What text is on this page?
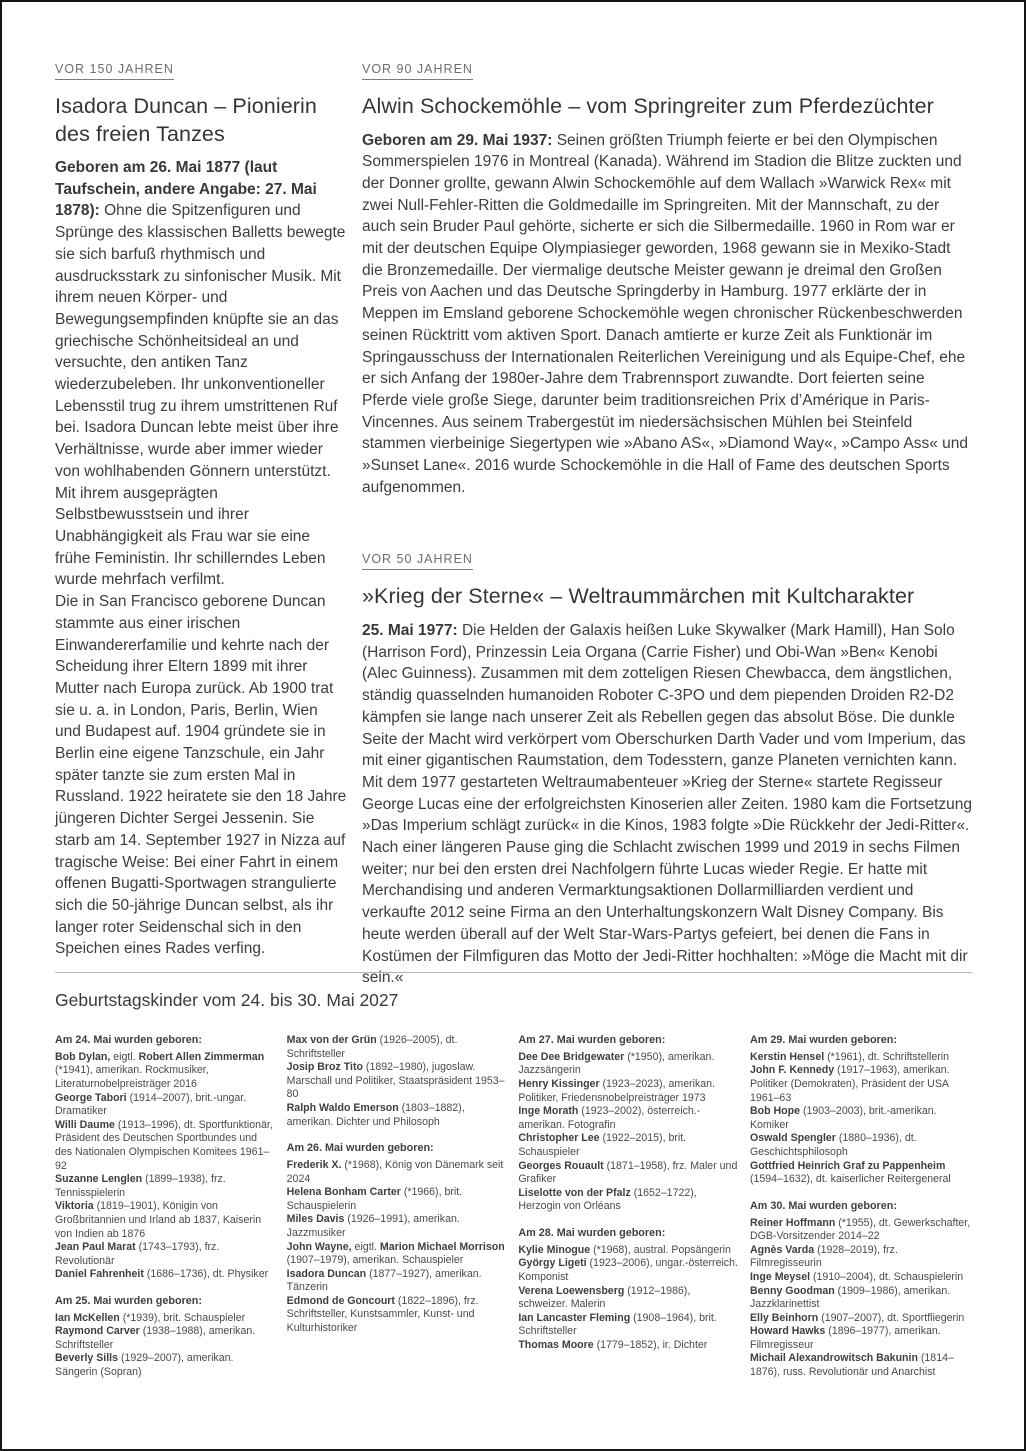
VOR 150 JAHREN
Isadora Duncan – Pionierin des freien Tanzes

Geboren am 26. Mai 1877 (laut Taufschein, andere Angabe: 27. Mai 1878): Ohne die Spitzenfiguren und Sprünge des klassischen Balletts bewegte sie sich barfuß rhythmisch und ausdrucksstark zu sinfonischer Musik. Mit ihrem neuen Körper- und Bewegungsempfinden knüpfte sie an das griechische Schönheitsideal an und versuchte, den antiken Tanz wiederzubeleben. Ihr unkonventioneller Lebensstil trug zu ihrem umstrittenen Ruf bei. Isadora Duncan lebte meist über ihre Verhältnisse, wurde aber immer wieder von wohlhabenden Gönnern unterstützt. Mit ihrem ausgeprägten Selbstbewusstsein und ihrer Unabhängigkeit als Frau war sie eine frühe Feministin. Ihr schillerndes Leben wurde mehrfach verfilmt.

Die in San Francisco geborene Duncan stammte aus einer irischen Einwandererfamilie und kehrte nach der Scheidung ihrer Eltern 1899 mit ihrer Mutter nach Europa zurück. Ab 1900 trat sie u. a. in London, Paris, Berlin, Wien und Budapest auf. 1904 gründete sie in Berlin eine eigene Tanzschule, ein Jahr später tanzte sie zum ersten Mal in Russland. 1922 heiratete sie den 18 Jahre jüngeren Dichter Sergei Jessenin. Sie starb am 14. September 1927 in Nizza auf tragische Weise: Bei einer Fahrt in einem offenen Bugatti-Sportwagen strangulierte sich die 50-jährige Duncan selbst, als ihr langer roter Seidenschal sich in den Speichen eines Rades verfing.

VOR 90 JAHREN
Alwin Schockemöhle – vom Springreiter zum Pferdezüchter

Geboren am 29. Mai 1937: Seinen größten Triumph feierte er bei den Olympischen Sommerspielen 1976 in Montreal (Kanada). Während im Stadion die Blitze zuckten und der Donner grollte, gewann Alwin Schockemöhle auf dem Wallach »Warwick Rex« mit zwei Null-Fehler-Ritten die Goldmedaille im Springreiten. Mit der Mannschaft, zu der auch sein Bruder Paul gehörte, sicherte er sich die Silbermedaille. 1960 in Rom war er mit der deutschen Equipe Olympiasieger geworden, 1968 gewann sie in Mexiko-Stadt die Bronzemedaille. Der viermalige deutsche Meister gewann je dreimal den Großen Preis von Aachen und das Deutsche Springderby in Hamburg. 1977 erklärte der in Meppen im Emsland geborene Schockemöhle wegen chronischer Rückenbeschwerden seinen Rücktritt vom aktiven Sport. Danach amtierte er kurze Zeit als Funktionär im Springausschuss der Internationalen Reiterlichen Vereinigung und als Equipe-Chef, ehe er sich Anfang der 1980er-Jahre dem Trabrennsport zuwandte. Dort feierten seine Pferde viele große Siege, darunter beim traditionsreichen Prix d’Amérique in Paris-Vincennes. Aus seinem Trabergestüt im niedersächsischen Mühlen bei Steinfeld stammen vierbeinige Siegertypen wie »Abano AS«, »Diamond Way«, »Campo Ass« und »Sunset Lane«. 2016 wurde Schockemöhle in die Hall of Fame des deutschen Sports aufgenommen.

VOR 50 JAHREN
»Krieg der Sterne« – Weltraummärchen mit Kultcharakter

25. Mai 1977: Die Helden der Galaxis heißen Luke Skywalker (Mark Hamill), Han Solo (Harrison Ford), Prinzessin Leia Organa (Carrie Fisher) und Obi-Wan »Ben« Kenobi (Alec Guinness). Zusammen mit dem zotteligen Riesen Chewbacca, dem ängstlichen, ständig quasselnden humanoiden Roboter C-3PO und dem piependen Droiden R2-D2 kämpfen sie lange nach unserer Zeit als Rebellen gegen das absolut Böse. Die dunkle Seite der Macht wird verkörpert vom Oberschurken Darth Vader und vom Imperium, das mit einer gigantischen Raumstation, dem Todesstern, ganze Planeten vernichten kann.

Mit dem 1977 gestarteten Weltraumabenteuer »Krieg der Sterne« startete Regisseur George Lucas eine der erfolgreichsten Kinoserien aller Zeiten. 1980 kam die Fortsetzung »Das Imperium schlägt zurück« in die Kinos, 1983 folgte »Die Rückkehr der Jedi-Ritter«. Nach einer längeren Pause ging die Schlacht zwischen 1999 und 2019 in sechs Filmen weiter; nur bei den ersten drei Nachfolgern führte Lucas wieder Regie. Er hatte mit Merchandising und anderen Vermarktungsaktionen Dollarmilliarden verdient und verkaufte 2012 seine Firma an den Unterhaltungskonzern Walt Disney Company. Bis heute werden überall auf der Welt Star-Wars-Partys gefeiert, bei denen die Fans in Kostümen der Filmfiguren das Motto der Jedi-Ritter hochhalten: »Möge die Macht mit dir sein.«

Geburtstagskinder vom 24. bis 30. Mai 2027

Am 24. Mai wurden geboren:

Bob Dylan, eigtl. Robert Allen Zimmerman (*1941), amerikan. Rockmusiker, Literaturnobelpreisträger 2016

George Tabori (1914–2007), brit.-ungar. Dramatiker

Willi Daume (1913–1996), dt. Sportfunktionär, Präsident des Deutschen Sportbundes und des Nationalen Olympischen Komitees 1961–92

Suzanne Lenglen (1899–1938), frz. Tennisspielerin

Viktoria (1819–1901), Königin von Großbritannien und Irland ab 1837, Kaiserin von Indien ab 1876

Jean Paul Marat (1743–1793), frz. Revolutionär

Daniel Fahrenheit (1686–1736), dt. Physiker

Am 25. Mai wurden geboren:

Ian McKellen (*1939), brit. Schauspieler

Raymond Carver (1938–1988), amerikan. Schriftsteller

Beverly Sills (1929–2007), amerikan. Sängerin (Sopran)

Max von der Grün (1926–2005), dt. Schriftsteller

Josip Broz Tito (1892–1980), jugoslaw. Marschall und Politiker, Staatspräsident 1953–80

Ralph Waldo Emerson (1803–1882), amerikan. Dichter und Philosoph

Am 26. Mai wurden geboren:

Frederik X. (*1968), König von Dänemark seit 2024

Helena Bonham Carter (*1966), brit. Schauspielerin

Miles Davis (1926–1991), amerikan. Jazzmusiker

John Wayne, eigtl. Marion Michael Morrison (1907–1979), amerikan. Schauspieler

Isadora Duncan (1877–1927), amerikan. Tänzerin

Edmond de Goncourt (1822–1896), frz. Schriftsteller, Kunstsammler, Kunst- und Kulturhistoriker

Am 27. Mai wurden geboren:

Dee Dee Bridgewater (*1950), amerikan. Jazzsängerin

Henry Kissinger (1923–2023), amerikan. Politiker, Friedensnobelpreisträger 1973

Inge Morath (1923–2002), österreich.-amerikan. Fotografin

Christopher Lee (1922–2015), brit. Schauspieler

Georges Rouault (1871–1958), frz. Maler und Grafiker

Liselotte von der Pfalz (1652–1722), Herzogin von Orléans

Am 28. Mai wurden geboren:

Kylie Minogue (*1968), austral. Popsängerin

György Ligeti (1923–2006), ungar.-österreich. Komponist

Verena Loewensberg (1912–1986), schweizer. Malerin

Ian Lancaster Fleming (1908–1964), brit. Schriftsteller

Thomas Moore (1779–1852), ir. Dichter

Am 29. Mai wurden geboren:

Kerstin Hensel (*1961), dt. Schriftstellerin

John F. Kennedy (1917–1963), amerikan. Politiker (Demokraten), Präsident der USA 1961–63

Bob Hope (1903–2003), brit.-amerikan. Komiker

Oswald Spengler (1880–1936), dt. Geschichtsphilosoph

Gottfried Heinrich Graf zu Pappenheim (1594–1632), dt. kaiserlicher Reitergeneral

Am 30. Mai wurden geboren:

Reiner Hoffmann (*1955), dt. Gewerkschafter, DGB-Vorsitzender 2014–22

Agnès Varda (1928–2019), frz. Filmregisseurin

Inge Meysel (1910–2004), dt. Schauspielerin

Benny Goodman (1909–1986), amerikan. Jazzklarinettist

Elly Beinhorn (1907–2007), dt. Sportfliegerin

Howard Hawks (1896–1977), amerikan. Filmregisseur

Michail Alexandrowitsch Bakunin (1814–1876), russ. Revolutionär und Anarchist
